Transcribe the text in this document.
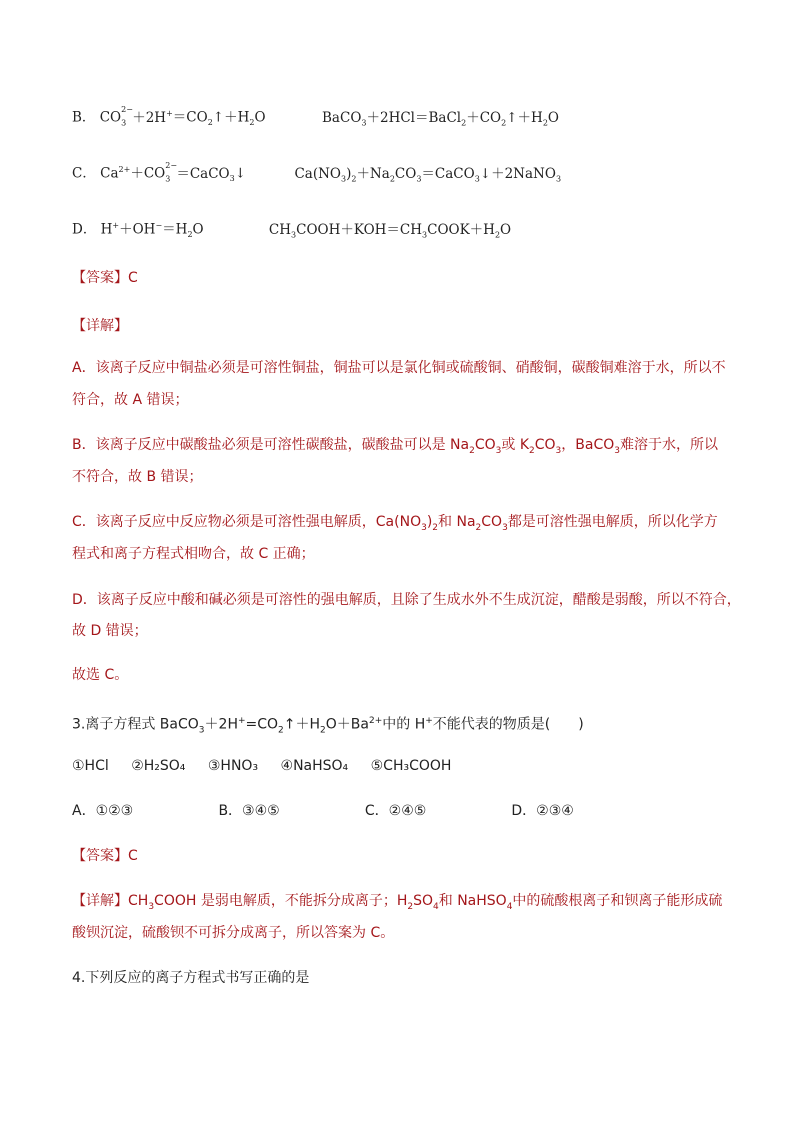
B． CO
2−
$_3 +2H^+=CO_2↑+H_2O$	$BaCO_3+2HCl=BaCl_2+CO_2↑+H_2O$
C． $Ca^{2+}+CO$
2−
$_3$ ＝CaCO$_3$↓	$Ca(NO_3)_2+Na_2CO_3=CaCO_3↓+2NaNO_3$
D． $H^++OH^-=H_2O$	$CH_3COOH+KOH=CH_3COOK+H_2O$
【答案】C
【详解】
A．该离子反应中铜盐必须是可溶性铜盐，铜盐可以是氯化铜或硫酸铜、硝酸铜，碳酸铜难溶于水，所以不
符合，故 A 错误；
B．该离子反应中碳酸盐必须是可溶性碳酸盐，碳酸盐可以是 $Na_2CO_3$或 $K_2CO_3$，BaCO$_3$难溶于水，所以
不符合，故 B 错误；
C．该离子反应中反应物必须是可溶性强电解质，$Ca(NO_3)_2$和 $Na_2CO_3$都是可溶性强电解质，所以化学方
程式和离子方程式相吻合，故 C 正确；
D．该离子反应中酸和碱必须是可溶性的强电解质，且除了生成水外不生成沉淀，醋酸是弱酸，所以不符合，
故 D 错误；
故选 C。
3.离子方程式 $BaCO_3+2H^+=CO_2↑+H_2O+Ba^{2+}$中的 H+不能代表的物质是(　　)
①HCl ②H₂SO₄ ③HNO₃ ④NaHSO₄ ⑤CH₃COOH
A．①②③	B．③④⑤	C．②④⑤	D．②③④
【答案】C
【详解】$CH_3COOH$ 是弱电解质，不能拆分成离子；$H_2SO_4$和 NaHSO$_4$中的硫酸根离子和钡离子能形成硫
酸钡沉淀，硫酸钡不可拆分成离子，所以答案为 C。
4.下列反应的离子方程式书写正确的是
